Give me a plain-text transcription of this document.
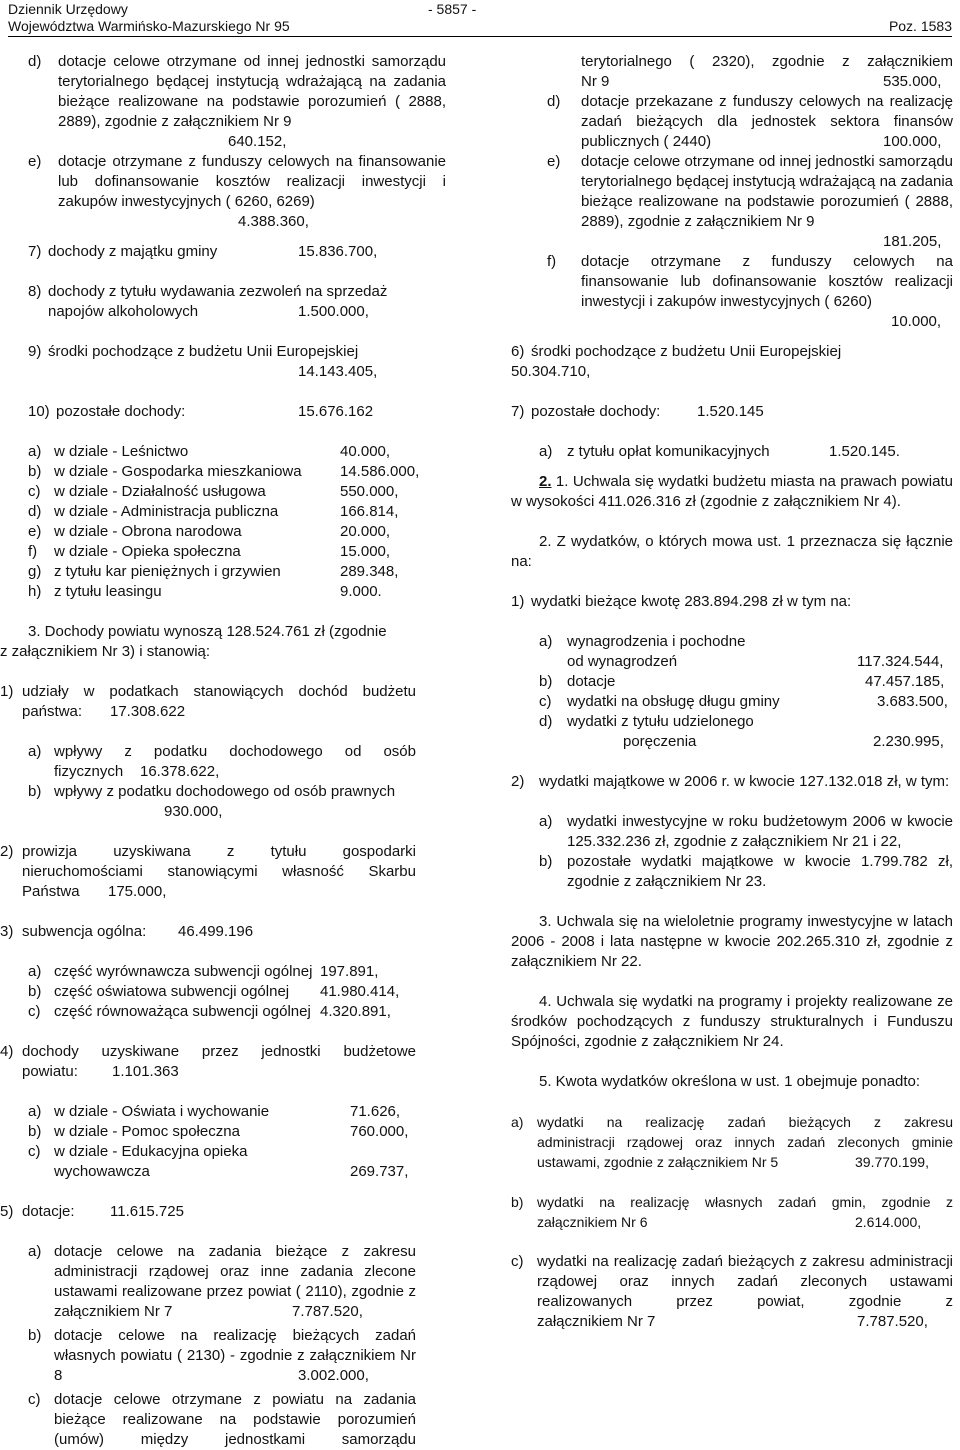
Dziennik Urzędowy
Województwa Warmińsko-Mazurskiego Nr 95
- 5857 -
Poz. 1583
d) dotacje celowe otrzymane od innej jednostki samorządu terytorialnego będącej instytucją wdrażającą na zadania bieżące realizowane na podstawie porozumień ( 2888, 2889), zgodnie z załącznikiem Nr 9
640.152,
e) dotacje otrzymane z funduszy celowych na finansowanie lub dofinansowanie kosztów realizacji inwestycji i zakupów inwestycyjnych ( 6260, 6269)
4.388.360,
7) dochody z majątku gminy	15.836.700,
8) dochody z tytułu wydawania zezwoleń na sprzedaż
napojów alkoholowych	1.500.000,
9) środki pochodzące z budżetu Unii Europejskiej
14.143.405,
10) pozostałe dochody:	15.676.162
a) w dziale - Leśnictwo	40.000,
b) w dziale - Gospodarka mieszkaniowa	14.586.000,
c) w dziale - Działalność usługowa	550.000,
d) w dziale - Administracja publiczna	166.814,
e) w dziale - Obrona narodowa	20.000,
f) w dziale - Opieka społeczna	15.000,
g) z tytułu kar pieniężnych i grzywien	289.348,
h) z tytułu leasingu	9.000.
3. Dochody powiatu wynoszą 128.524.761 zł (zgodnie
z załącznikiem Nr 3) i stanowią:
1) udziały w podatkach stanowiących dochód budżetu
państwa: 17.308.622
a) wpływy z podatku dochodowego od osób
fizycznych 16.378.622,
b) wpływy z podatku dochodowego od osób prawnych
930.000,
2) prowizja uzyskiwana z tytułu gospodarki
nieruchomościami stanowiącymi własność Skarbu
Państwa 175.000,
3) subwencja ogólna: 46.499.196
a) część wyrównawcza subwencji ogólnej 197.891,
b) część oświatowa subwencji ogólnej 41.980.414,
c) część równoważąca subwencji ogólnej 4.320.891,
4) dochody uzyskiwane przez jednostki budżetowe
powiatu: 1.101.363
a) w dziale - Oświata i wychowanie	71.626,
b) w dziale - Pomoc społeczna	760.000,
c) w dziale - Edukacyjna opieka
wychowawcza	269.737,
5) dotacje: 11.615.725
a) dotacje celowe na zadania bieżące z zakresu administracji rządowej oraz inne zadania zlecone ustawami realizowane przez powiat ( 2110), zgodnie z załącznikiem Nr 7	7.787.520,
b) dotacje celowe na realizację bieżących zadań własnych powiatu ( 2130) - zgodnie z załącznikiem Nr 8	3.002.000,
c) dotacje celowe otrzymane z powiatu na zadania bieżące realizowane na podstawie porozumień (umów) między jednostkami samorządu
terytorialnego ( 2320), zgodnie z załącznikiem
Nr 9	535.000,
d) dotacje przekazane z funduszy celowych na realizację zadań bieżących dla jednostek sektora finansów publicznych ( 2440)	100.000,
e) dotacje celowe otrzymane od innej jednostki samorządu terytorialnego będącej instytucją wdrażającą na zadania bieżące realizowane na podstawie porozumień ( 2888, 2889), zgodnie z załącznikiem Nr 9
181.205,
f) dotacje otrzymane z funduszy celowych na finansowanie lub dofinansowanie kosztów realizacji inwestycji i zakupów inwestycyjnych ( 6260)
10.000,
6) środki pochodzące z budżetu Unii Europejskiej
50.304.710,
7) pozostałe dochody: 1.520.145
a) z tytułu opłat komunikacyjnych	1.520.145.

2. 1. Uchwala się wydatki budżetu miasta na prawach powiatu w wysokości 411.026.316 zł (zgodnie z załącznikiem Nr 4).

2. Z wydatków, o których mowa ust. 1 przeznacza się łącznie na:

1) wydatki bieżące kwotę 283.894.298 zł w tym na:
a) wynagrodzenia i pochodne
od wynagrodzeń	117.324.544,
b) dotacje	47.457.185,
c) wydatki na obsługę długu gminy	3.683.500,
d) wydatki z tytułu udzielonego
poręczenia	2.230.995,
2) wydatki majątkowe w 2006 r. w kwocie 127.132.018 zł, w tym:
a) wydatki inwestycyjne w roku budżetowym 2006 w kwocie 125.332.236 zł, zgodnie z załącznikiem Nr 21 i 22,
b) pozostałe wydatki majątkowe w kwocie 1.799.782 zł, zgodnie z załącznikiem Nr 23.

3. Uchwala się na wieloletnie programy inwestycyjne w latach 2006 - 2008 i lata następne w kwocie 202.265.310 zł, zgodnie z załącznikiem Nr 22.

4. Uchwala się wydatki na programy i projekty realizowane ze środków pochodzących z funduszy strukturalnych i Funduszu Spójności, zgodnie z załącznikiem Nr 24.

5. Kwota wydatków określona w ust. 1 obejmuje ponadto:

a) wydatki na realizację zadań bieżących z zakresu
administracji rządowej oraz innych zadań zleconych gminie
ustawami, zgodnie z załącznikiem Nr 5	39.770.199,
b) wydatki na realizację własnych zadań gmin, zgodnie z
załącznikiem Nr 6	2.614.000,
c) wydatki na realizację zadań bieżących z zakresu administracji rządowej oraz innych zadań zleconych ustawami realizowanych przez powiat, zgodnie z
załącznikiem Nr 7	7.787.520,
